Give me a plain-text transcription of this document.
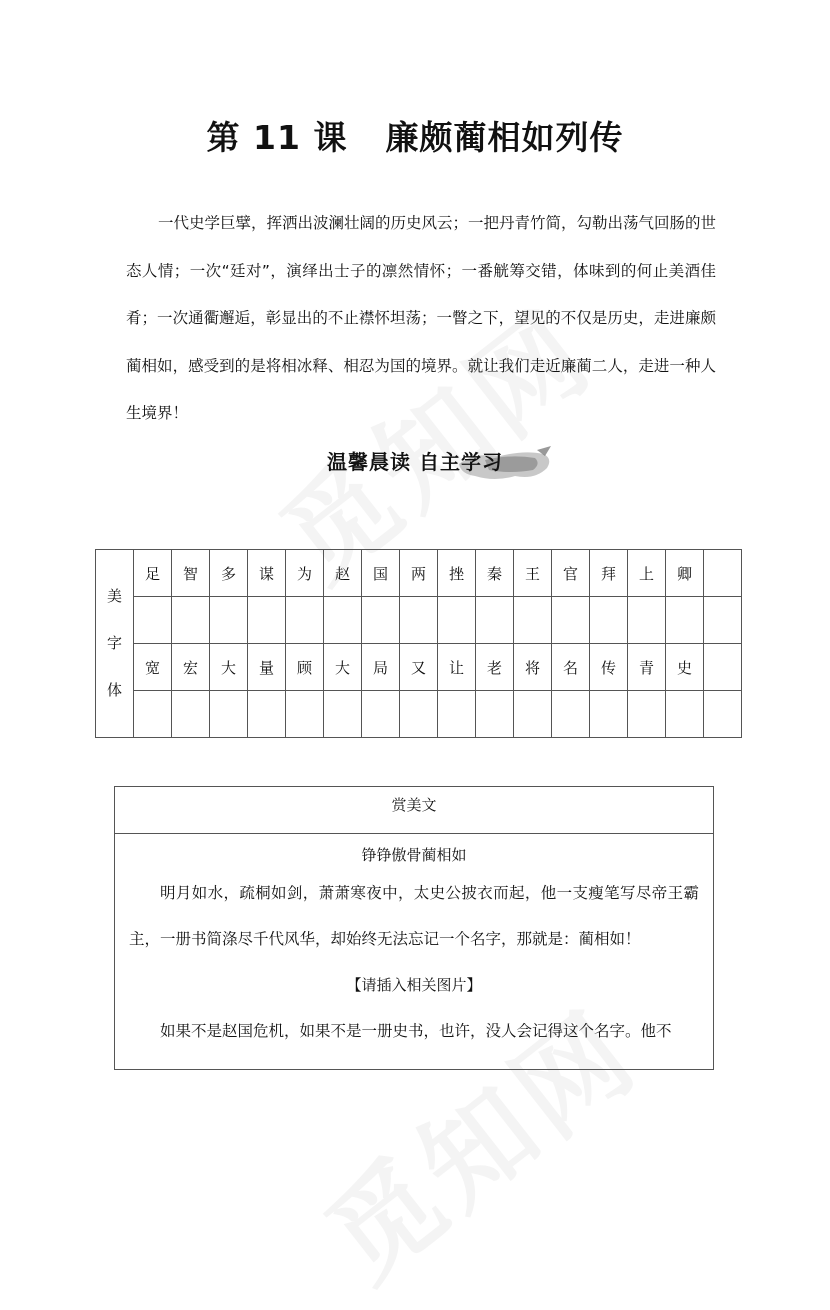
第 11 课 廉颇蔺相如列传

一代史学巨擘，挥洒出波澜壮阔的历史风云；一把丹青竹简，勾勒出荡气回肠的世态人情；一次“廷对”，演绎出士子的凛然情怀；一番觥筹交错，体味到的何止美酒佳肴；一次通衢邂逅，彰显出的不止襟怀坦荡；一瞥之下，望见的不仅是历史，走进廉颇蔺相如，感受到的是将相冰释、相忍为国的境界。就让我们走近廉蔺二人，走进一种人生境界！

温馨晨读 自主学习
美
字
体	足	智	多	谋	为	赵	国	两	挫	秦	王	官	拜	上	卿	

	宽	宏	大	量	顾	大	局	又	让	老	将	名	传	青	史	

赏美文
铮铮傲骨蔺相如

明月如水，疏桐如剑，萧萧寒夜中，太史公披衣而起，他一支瘦笔写尽帝王霸主，一册书简涤尽千代风华，却始终无法忘记一个名字，那就是：蔺相如！

【请插入相关图片】

如果不是赵国危机，如果不是一册史书，也许，没人会记得这个名字。他不
